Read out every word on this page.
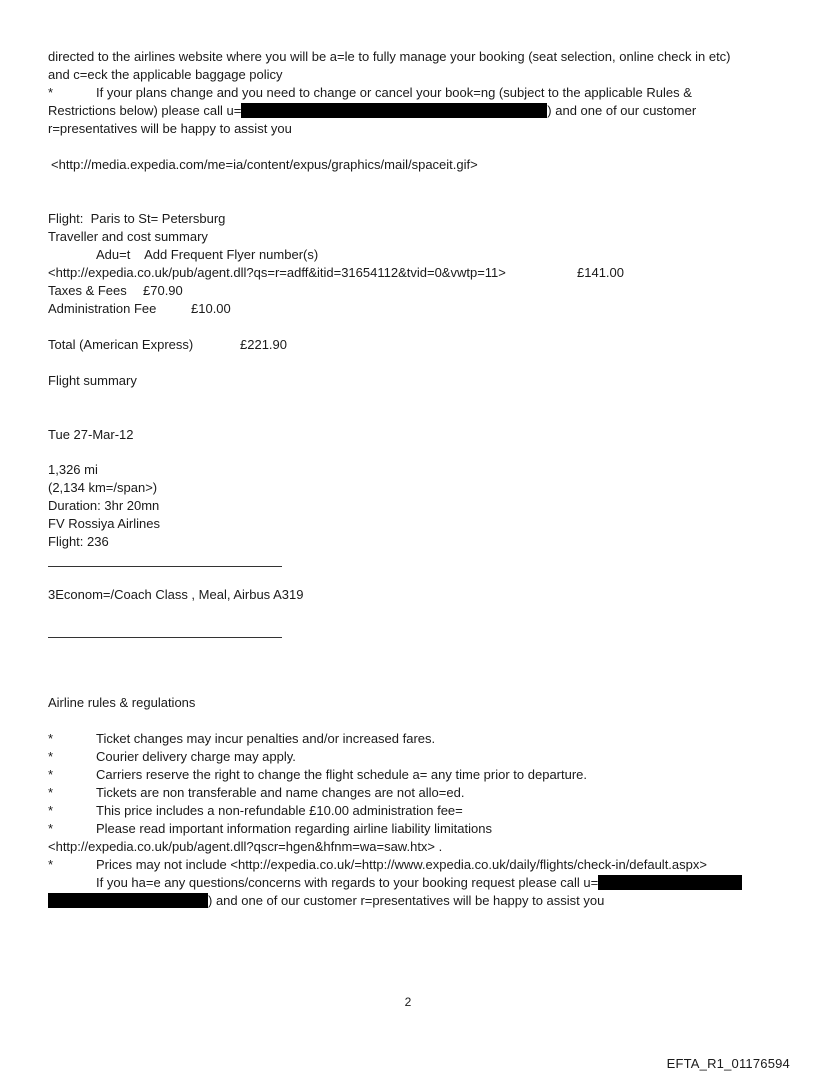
directed to the airlines website where you will be a=le to fully manage your booking (seat selection, online check in etc)
and c=eck the applicable baggage policy
*	If your plans change and you need to change or cancel your book=ng (subject to the applicable Rules &
Restrictions below) please call u=	) and one of our customer
r=presentatives will be happy to assist you
<http://media.expedia.com/me=ia/content/expus/graphics/mail/spaceit.gif>
Flight:  Paris to St= Petersburg
Traveller and cost summary
Adu=t    Add Frequent Flyer number(s)
<http://expedia.co.uk/pub/agent.dll?qs=r=adff&itid=31654112&tvid=0&vwtp=11>	£141.00
Taxes & Fees £70.90
Administration Fee	£10.00
Total (American Express)	£221.90
Flight summary
Tue 27-Mar-12
1,326 mi
(2,134 km=/span>)
Duration: 3hr 20mn
FV Rossiya Airlines
Flight: 236
3Econom=/Coach Class , Meal, Airbus A319
Airline rules & regulations
*	Ticket changes may incur penalties and/or increased fares.
*	Courier delivery charge may apply.
*	Carriers reserve the right to change the flight schedule a= any time prior to departure.
*	Tickets are non transferable and name changes are not allo=ed.
*	This price includes a non-refundable £10.00 administration fee=
*	Please read important information regarding airline liability limitations
<http://expedia.co.uk/pub/agent.dll?qscr=hgen&hfnm=wa=saw.htx> .
*	Prices may not include <http://expedia.co.uk/=http://www.expedia.co.uk/daily/flights/check-in/default.aspx>
If you ha=e any questions/concerns with regards to your booking request please call u=
) and one of our customer r=presentatives will be happy to assist you
2
EFTA_R1_01176594
